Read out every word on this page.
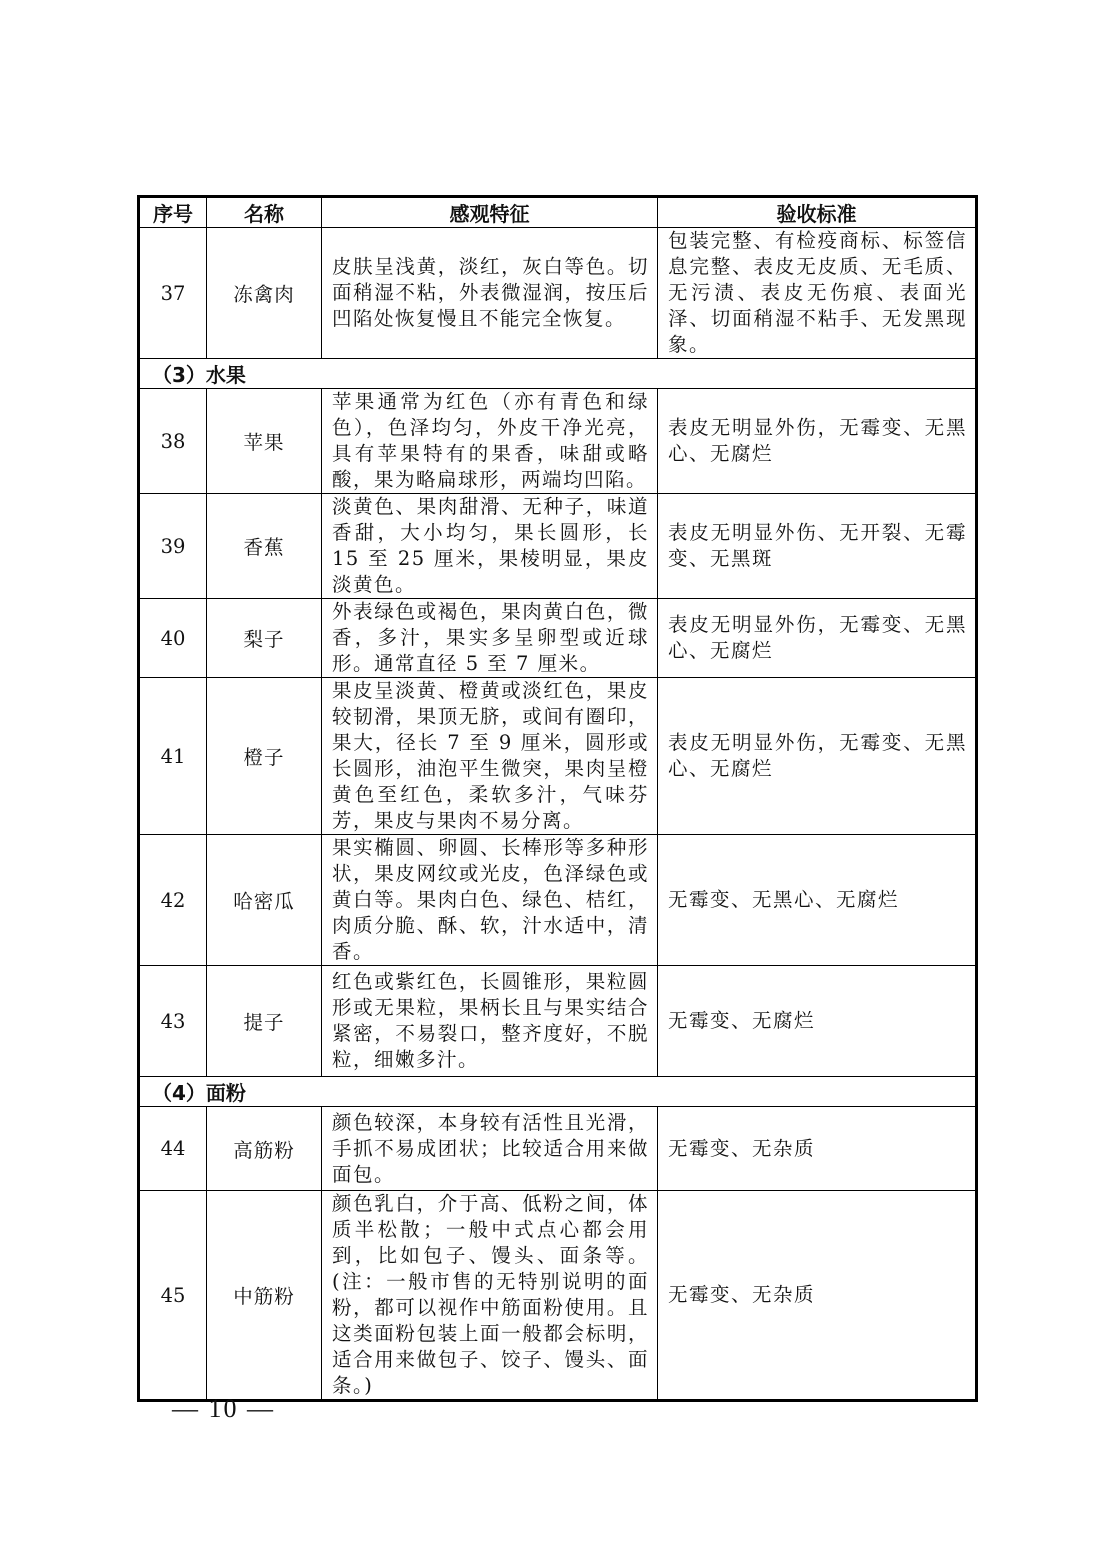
序号	名称	感观特征	验收标准
37	冻禽肉	皮肤呈浅黄，淡红，灰白等色。切面稍湿不粘，外表微湿润，按压后凹陷处恢复慢且不能完全恢复。	包装完整、有检疫商标、标签信息完整、表皮无皮质、无毛质、无污渍、表皮无伤痕、表面光泽、切面稍湿不粘手、无发黑现象。
（3）水果			
38	苹果	苹果通常为红色（亦有青色和绿色），色泽均匀，外皮干净光亮，具有苹果特有的果香，味甜或略酸，果为略扁球形，两端均凹陷。	表皮无明显外伤，无霉变、无黑心、无腐烂
39	香蕉	淡黄色、果肉甜滑、无种子，味道香甜，大小均匀，果长圆形，长 15 至 25 厘米，果棱明显，果皮淡黄色。	表皮无明显外伤、无开裂、无霉变、无黑斑
40	梨子	外表绿色或褐色，果肉黄白色，微香，多汁，果实多呈卵型或近球形。通常直径 5 至 7 厘米。	表皮无明显外伤，无霉变、无黑心、无腐烂
41	橙子	果皮呈淡黄、橙黄或淡红色，果皮较韧滑，果顶无脐，或间有圈印，果大，径长 7 至 9 厘米，圆形或长圆形，油泡平生微突，果肉呈橙黄色至红色，柔软多汁，气味芬芳，果皮与果肉不易分离。	表皮无明显外伤，无霉变、无黑心、无腐烂
42	哈密瓜	果实椭圆、卵圆、长棒形等多种形状，果皮网纹或光皮，色泽绿色或黄白等。果肉白色、绿色、桔红，肉质分脆、酥、软，汁水适中，清香。	无霉变、无黑心、无腐烂
43	提子	红色或紫红色，长圆锥形，果粒圆形或无果粒，果柄长且与果实结合紧密，不易裂口，整齐度好，不脱粒，细嫩多汁。	无霉变、无腐烂
（4）面粉			
44	高筋粉	颜色较深，本身较有活性且光滑，手抓不易成团状；比较适合用来做面包。	无霉变、无杂质
45	中筋粉	颜色乳白，介于高、低粉之间，体质半松散；一般中式点心都会用到，比如包子、馒头、面条等。(注：一般市售的无特别说明的面粉，都可以视作中筋面粉使用。且这类面粉包装上面一般都会标明，适合用来做包子、饺子、馒头、面条。)	无霉变、无杂质
— 10 —
